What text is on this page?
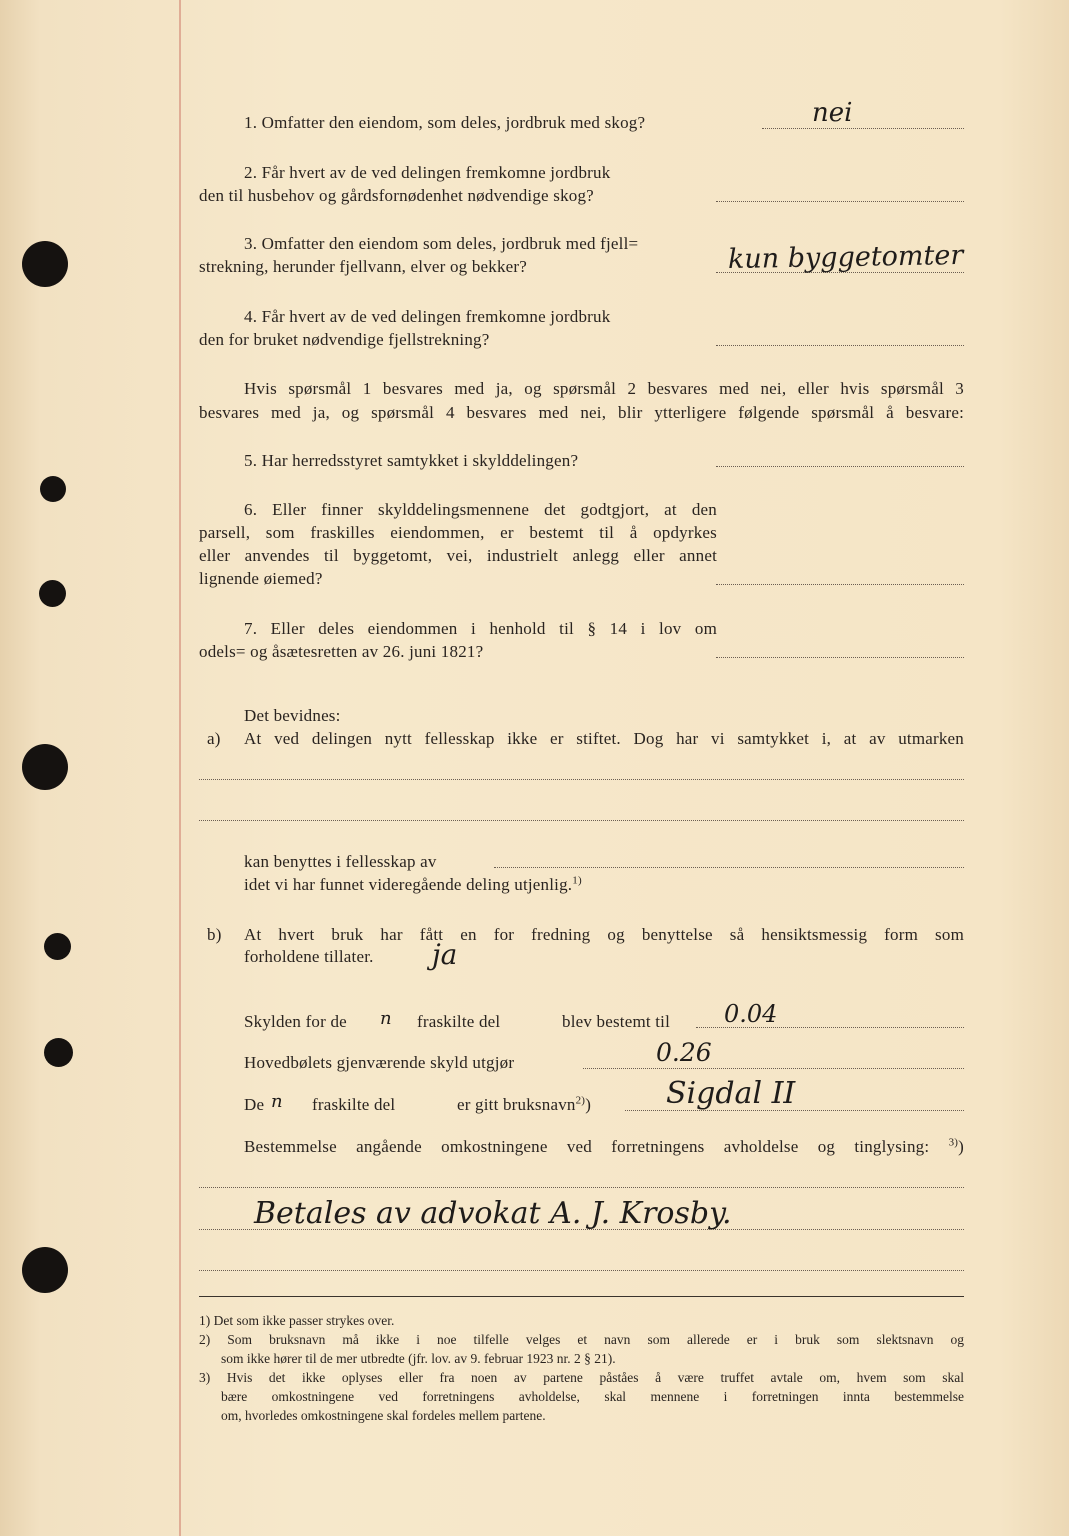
1. Omfatter den eiendom, som deles, jordbruk med skog?	nei
2. Får hvert av de ved delingen fremkomne jordbruk
den til husbehov og gårdsfornødenhet nødvendige skog?
3. Omfatter den eiendom som deles, jordbruk med fjell=
strekning, herunder fjellvann, elver og bekker?	kun byggetomter
4. Får hvert av de ved delingen fremkomne jordbruk
den for bruket nødvendige fjellstrekning?
Hvis spørsmål 1 besvares med ja, og spørsmål 2 besvares med nei, eller hvis spørsmål 3
besvares med ja, og spørsmål 4 besvares med nei, blir ytterligere følgende spørsmål å besvare:
5. Har herredsstyret samtykket i skylddelingen?
6. Eller finner skylddelingsmennene det godtgjort, at den
parsell, som fraskilles eiendommen, er bestemt til å opdyrkes
eller anvendes til byggetomt, vei, industrielt anlegg eller annet
lignende øiemed?
7. Eller deles eiendommen i henhold til § 14 i lov om
odels= og åsætesretten av 26. juni 1821?
Det bevidnes:
a) At ved delingen nytt fellesskap ikke er stiftet. Dog har vi samtykket i, at av utmarken
kan benyttes i fellesskap av
idet vi har funnet videregående deling utjenlig.$^{1)}$
b) At hvert bruk har fått en for fredning og benyttelse så hensiktsmessig form som
forholdene tillater. ja
Skylden for de n fraskilte del	blev bestemt til 0.04
Hovedbølets gjenværende skyld utgjør	0.26
De n fraskilte del	er gitt bruksnavn$^{2)}$) Sigdal II
Bestemmelse angående omkostningene ved forretningens avholdelse og tinglysing: $^{3)}$)
Betales av advokat A. J. Krosby.
1) Det som ikke passer strykes over.
2) Som bruksnavn må ikke i noe tilfelle velges et navn som allerede er i bruk som slektsnavn og
som ikke hører til de mer utbredte (jfr. lov. av 9. februar 1923 nr. 2 § 21).
3) Hvis det ikke oplyses eller fra noen av partene påståes å være truffet avtale om, hvem som skal
bære omkostningene ved forretningens avholdelse, skal mennene i forretningen innta bestemmelse
om, hvorledes omkostningene skal fordeles mellem partene.
